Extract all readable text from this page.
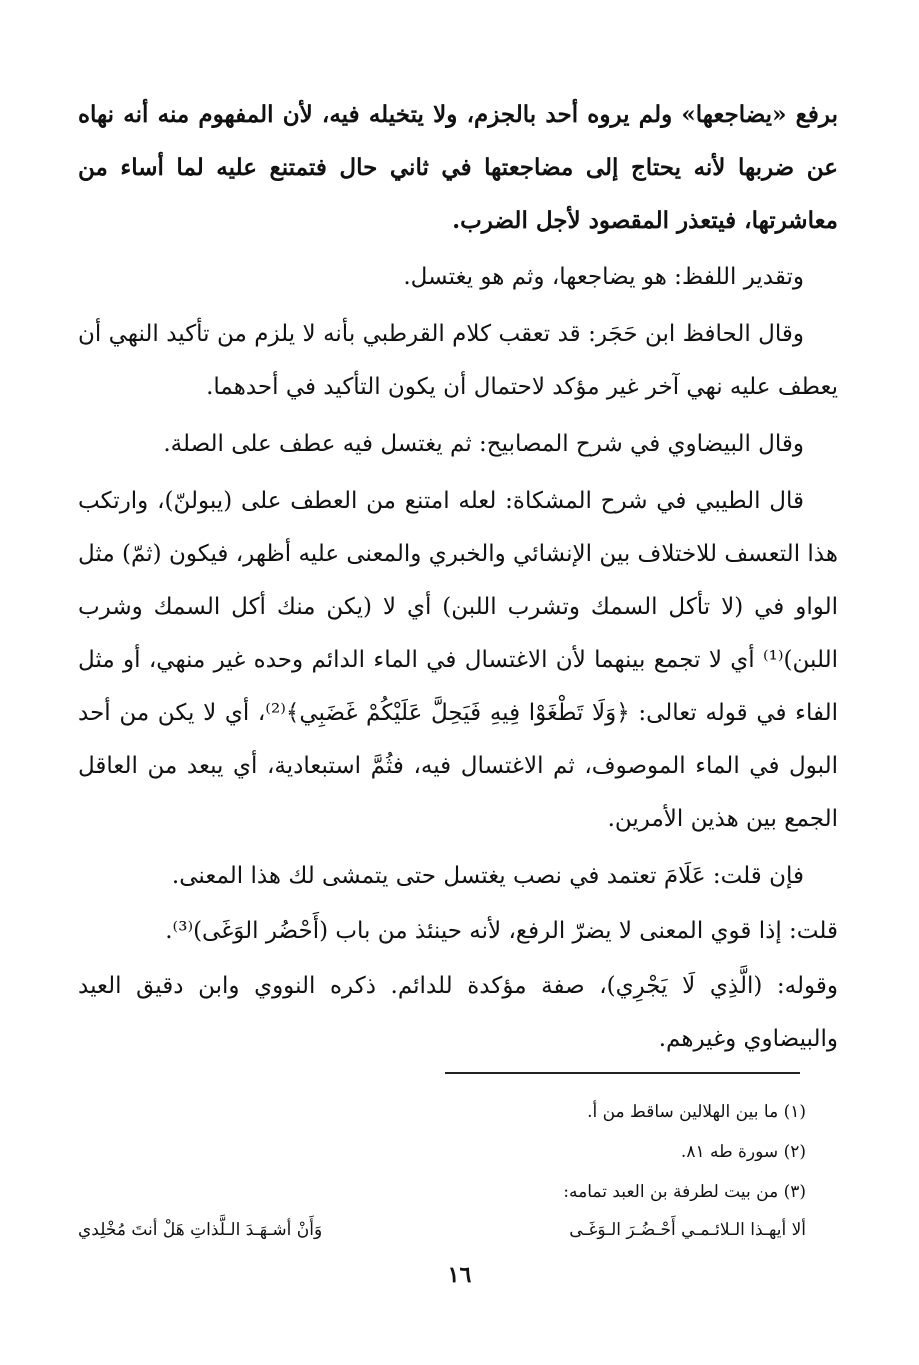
برفع «يضاجعها» ولم يروه أحد بالجزم، ولا يتخيله فيه، لأن المفهوم منه أنه نهاه عن ضربها لأنه يحتاج إلى مضاجعتها في ثاني حال فتمتنع عليه لما أساء من معاشرتها، فيتعذر المقصود لأجل الضرب.

وتقدير اللفظ: هو يضاجعها، وثم هو يغتسل.

وقال الحافظ ابن حَجَر: قد تعقب كلام القرطبي بأنه لا يلزم من تأكيد النهي أن يعطف عليه نهي آخر غير مؤكد لاحتمال أن يكون التأكيد في أحدهما.

وقال البيضاوي في شرح المصابيح: ثم يغتسل فيه عطف على الصلة.

قال الطيبي في شرح المشكاة: لعله امتنع من العطف على (يبولنّ)، وارتكب هذا التعسف للاختلاف بين الإنشائي والخبري والمعنى عليه أظهر، فيكون (ثمّ) مثل الواو في (لا تأكل السمك وتشرب اللبن) أي لا (يكن منك أكل السمك وشرب اللبن)⁽¹⁾ أي لا تجمع بينهما لأن الاغتسال في الماء الدائم وحده غير منهي، أو مثل الفاء في قوله تعالى: ﴿وَلَا تَطْغَوْا فِيهِ فَيَحِلَّ عَلَيْكُمْ غَضَبِي﴾⁽²⁾، أي لا يكن من أحد البول في الماء الموصوف، ثم الاغتسال فيه، فثُمَّ استبعادية، أي يبعد من العاقل الجمع بين هذين الأمرين.

فإن قلت: عَلَامَ تعتمد في نصب يغتسل حتى يتمشى لك هذا المعنى.

قلت: إذا قوي المعنى لا يضرّ الرفع، لأنه حينئذ من باب (أَحْضُر الوَغَى)⁽³⁾.

وقوله: (الَّذِي لَا يَجْرِي)، صفة مؤكدة للدائم. ذكره النووي وابن دقيق العيد والبيضاوي وغيرهم.

(١) ما بين الهلالين ساقط من أ.

(٢) سورة طه ٨١.

(٣) من بيت لطرفة بن العبد تمامه:

ألا أيهـذا الـلائـمـي أَحْـضُـرَ الـوَغَـى
وَأَنْ أشـهَـدَ الـلَّذاتِ هَلْ أنتَ مُخْلِدي
١٦
